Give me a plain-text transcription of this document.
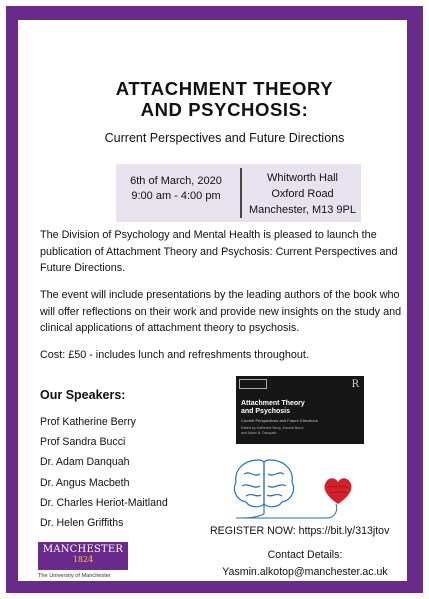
ATTACHMENT THEORY
AND PSYCHOSIS:
Current Perspectives and Future Directions
6th of March, 2020
9:00 am - 4:00 pm
Whitworth Hall
Oxford Road
Manchester, M13 9PL
The Division of Psychology and Mental Health is pleased to launch the publication of Attachment Theory and Psychosis: Current Perspectives and Future Directions.
The event will include presentations by the leading authors of the book who will offer reflections on their work and provide new insights on the study and clinical applications of attachment theory to psychosis.
Cost: £50 - includes lunch and refreshments throughout.
Our Speakers:
Prof Katherine Berry
Prof Sandra Bucci
Dr. Adam Danquah
Dr. Angus Macbeth
Dr. Charles Heriot-Maitland
Dr. Helen Griffiths
R
Attachment Theory
and Psychosis
Current Perspectives and Future Directions
Edited by Katherine Berry, Sandra Bucci
and Adam N. Danquah
REGISTER NOW: https://bit.ly/313jtov
Contact Details:
Yasmin.alkotop@manchester.ac.uk
MANCHESTER
1824
The University of Manchester
